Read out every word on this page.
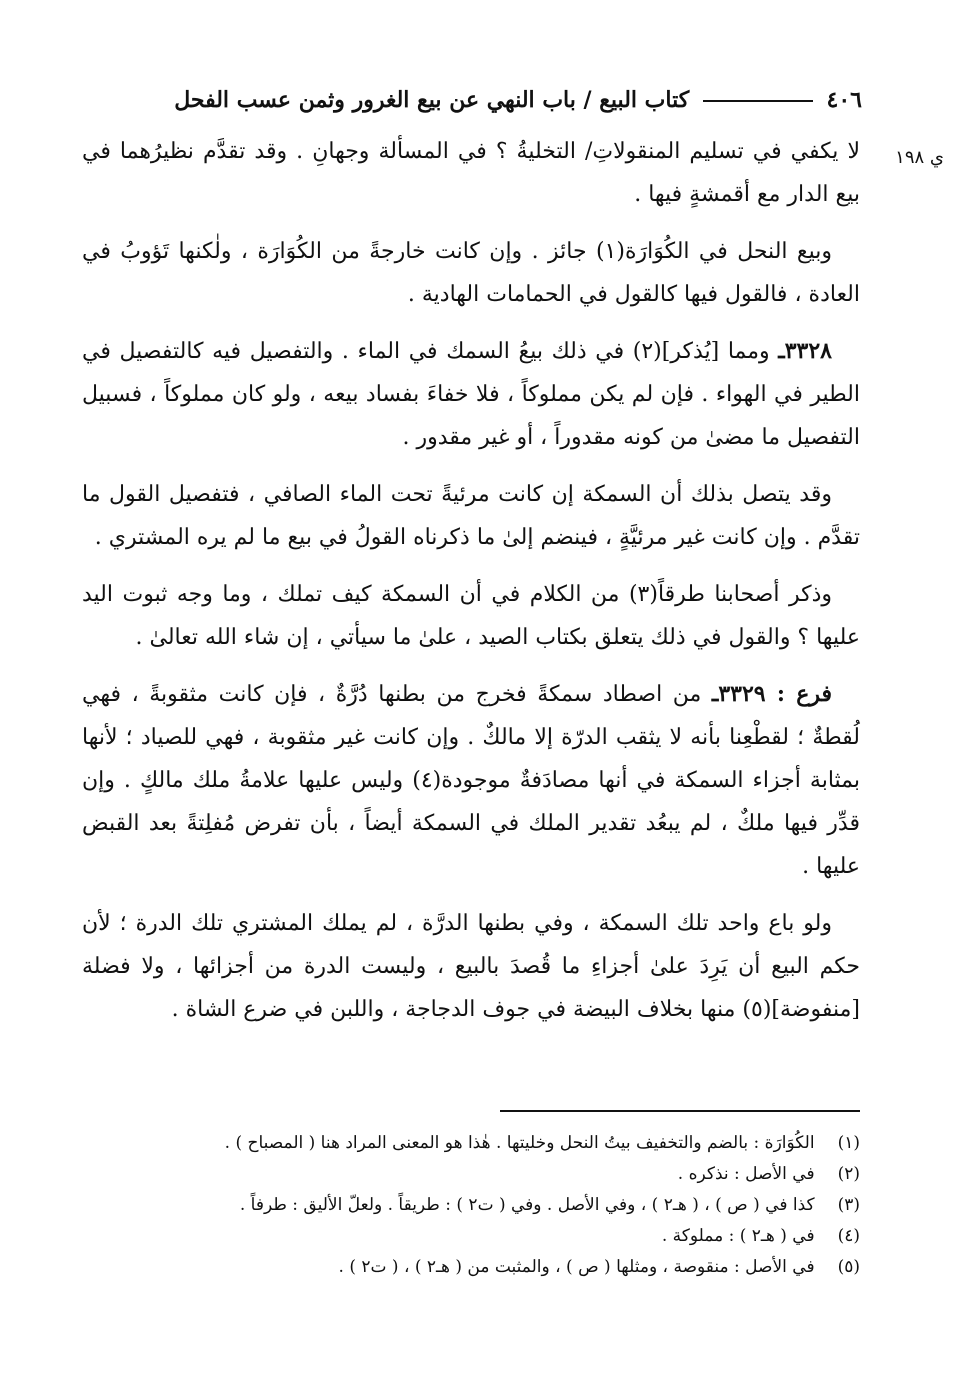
٤٠٦  كتاب البيع / باب النهي عن بيع الغرور وثمن عسب الفحل
ي ١٩٨

لا يكفي في تسليم المنقولاتِ/ التخليةُ ؟ في المسألة وجهانِ . وقد تقدَّم نظيرُهما في بيع الدار مع أقمشةٍ فيها .

وبيع النحل في الكُوَارَة(١) جائز . وإن كانت خارجةً من الكُوَارَة ، ولٰكنها تَؤوبُ في العادة ، فالقول فيها كالقول في الحمامات الهادية .

٣٣٢٨ـ ومما [يُذكر](٢) في ذلك بيعُ السمك في الماء . والتفصيل فيه كالتفصيل في الطير في الهواء . فإن لم يكن مملوكاً ، فلا خفاءَ بفساد بيعه ، ولو كان مملوكاً ، فسبيل التفصيل ما مضىٰ من كونه مقدوراً ، أو غير مقدور .

وقد يتصل بذلك أن السمكة إن كانت مرئيةً تحت الماء الصافي ، فتفصيل القول ما تقدَّم . وإن كانت غير مرئيَّةٍ ، فينضم إلىٰ ما ذكرناه القولُ في بيع ما لم يره المشتري .

وذكر أصحابنا طرقاً(٣) من الكلام في أن السمكة كيف تملك ، وما وجه ثبوت اليد عليها ؟ والقول في ذلك يتعلق بكتاب الصيد ، علىٰ ما سيأتي ، إن شاء الله تعالىٰ .

فرع : ٣٣٢٩ـ من اصطاد سمكةً فخرج من بطنها دُرَّةٌ ، فإن كانت مثقوبةً ، فهي لُقطةٌ ؛ لقطْعِنا بأنه لا يثقب الدرّة إلا مالكٌ . وإن كانت غير مثقوبة ، فهي للصياد ؛ لأنها بمثابة أجزاء السمكة في أنها مصادَفةٌ موجودة(٤) وليس عليها علامةُ ملك مالكٍ . وإن قدِّر فيها ملكٌ ، لم يبعُد تقدير الملك في السمكة أيضاً ، بأن تفرض مُفلِتةً بعد القبض عليها .

ولو باع واحد تلك السمكة ، وفي بطنها الدرَّة ، لم يملك المشتري تلك الدرة ؛ لأن حكم البيع أن يَرِدَ علىٰ أجزاءِ ما قُصدَ بالبيع ، وليست الدرة من أجزائها ، ولا فضلة [منفوضة](٥) منها بخلاف البيضة في جوف الدجاجة ، واللبن في ضرع الشاة .

(١) الكُوَارَة : بالضم والتخفيف بيتُ النحل وخليتها . هٰذا هو المعنى المراد هنا ( المصباح ) .
(٢) في الأصل : نذكره .
(٣) كذا في ( ص ) ، ( هـ٢ ) ، وفي الأصل . وفي ( ت٢ ) : طريقاً . ولعلّ الأليق : طرفاً .
(٤) في ( هـ٢ ) : مملوكة .
(٥) في الأصل : منقوصة ، ومثلها ( ص ) ، والمثبت من ( هـ٢ ) ، ( ت٢ ) .
